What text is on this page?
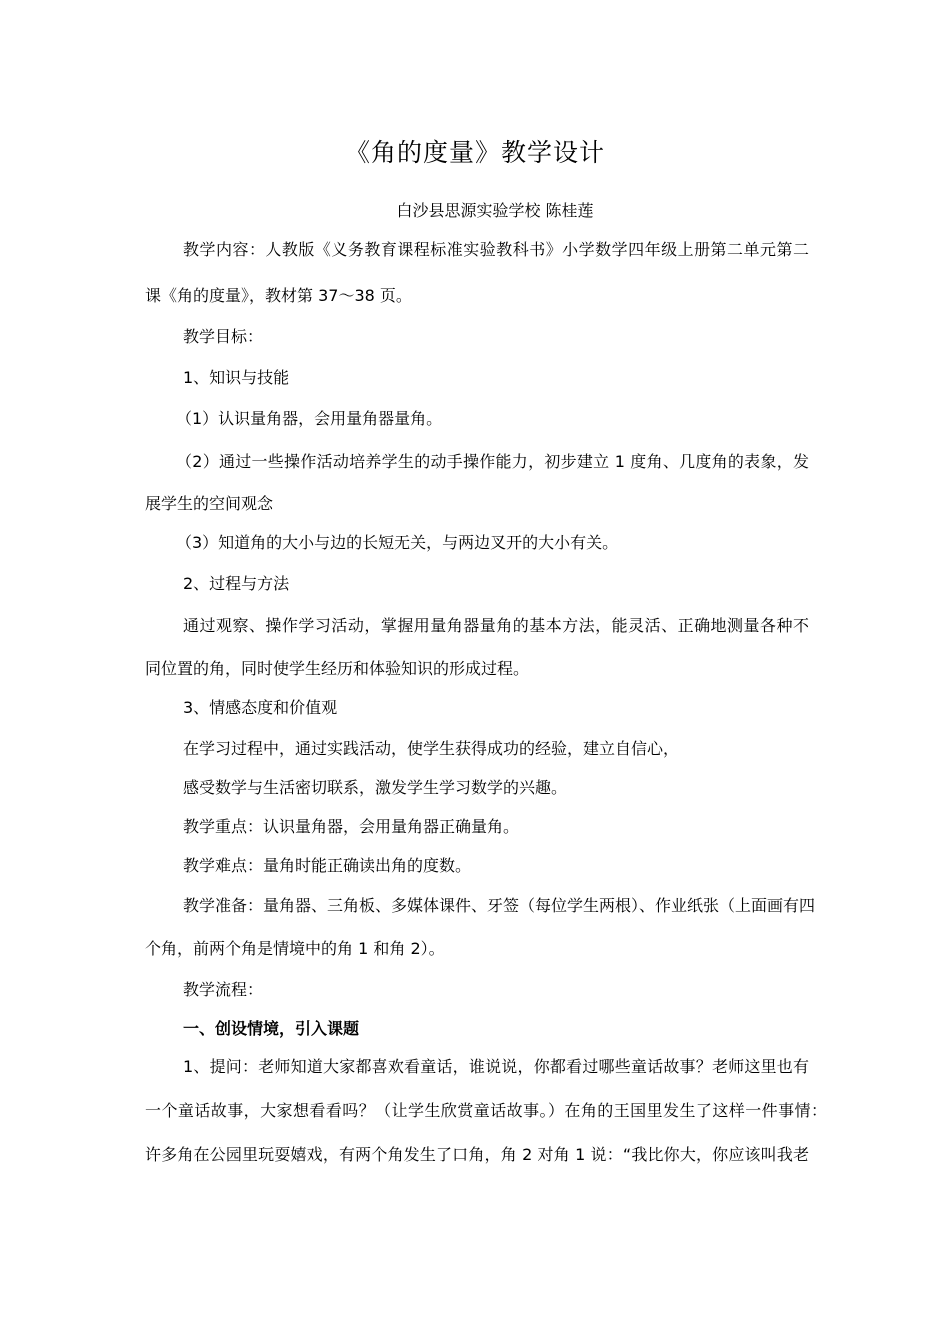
《角的度量》教学设计
白沙县思源实验学校 陈桂莲
教学内容：人教版《义务教育课程标准实验教科书》小学数学四年级上册第二单元第二
课《角的度量》，教材第 37～38 页。
教学目标：
1、知识与技能
（1）认识量角器，会用量角器量角。
（2）通过一些操作活动培养学生的动手操作能力，初步建立 1 度角、几度角的表象，发
展学生的空间观念
（3）知道角的大小与边的长短无关，与两边叉开的大小有关。
2、过程与方法
通过观察、操作学习活动，掌握用量角器量角的基本方法，能灵活、正确地测量各种不
同位置的角，同时使学生经历和体验知识的形成过程。
3、情感态度和价值观
在学习过程中，通过实践活动，使学生获得成功的经验，建立自信心，
感受数学与生活密切联系，激发学生学习数学的兴趣。
教学重点：认识量角器，会用量角器正确量角。
教学难点：量角时能正确读出角的度数。
教学准备：量角器、三角板、多媒体课件、牙签（每位学生两根）、作业纸张（上面画有四
个角，前两个角是情境中的角 1 和角 2）。
教学流程：
一、创设情境，引入课题
1、提问：老师知道大家都喜欢看童话，谁说说，你都看过哪些童话故事？老师这里也有
一个童话故事，大家想看看吗？（让学生欣赏童话故事。）在角的王国里发生了这样一件事情：
许多角在公园里玩耍嬉戏，有两个角发生了口角，角 2 对角 1 说：“我比你大，你应该叫我老
